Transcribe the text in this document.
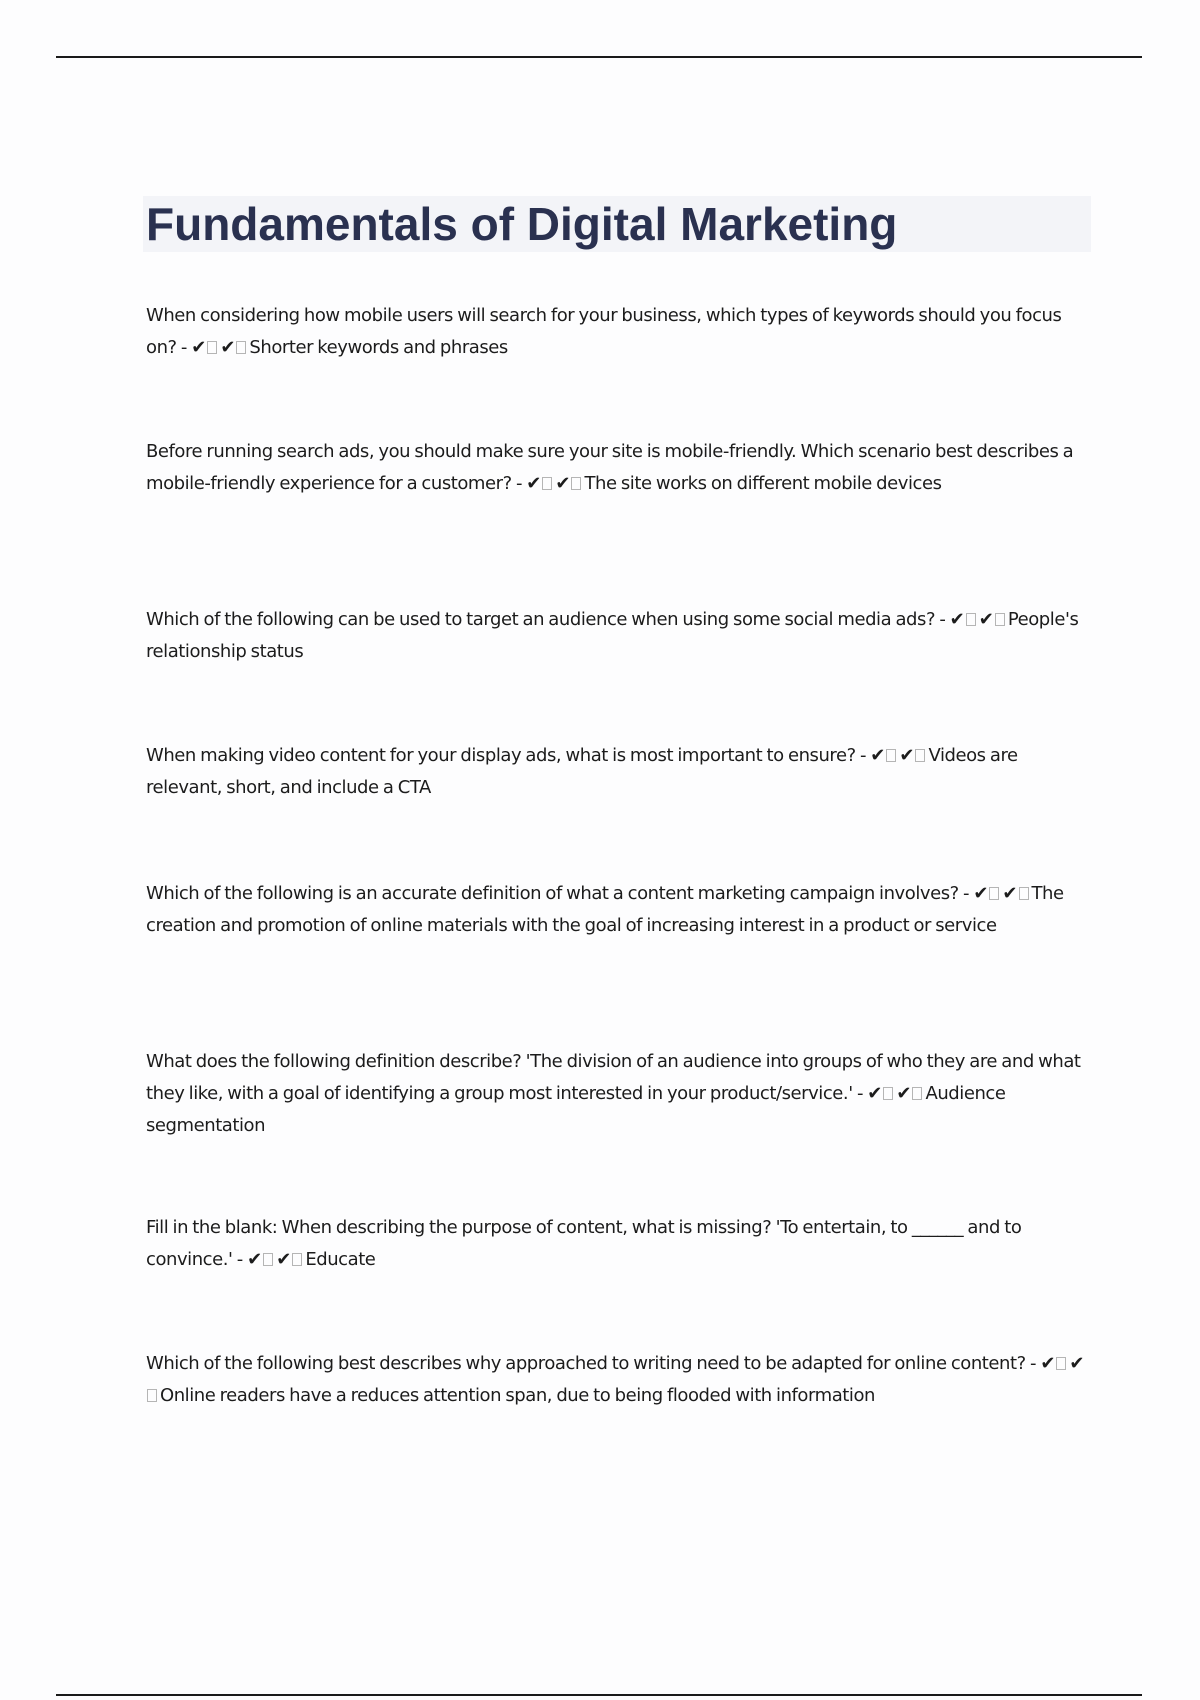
Fundamentals of Digital Marketing

When considering how mobile users will search for your business, which types of keywords should you focus on? - ✔ ✔ Shorter keywords and phrases

Before running search ads, you should make sure your site is mobile-friendly. Which scenario best describes a mobile-friendly experience for a customer? - ✔ ✔ The site works on different mobile devices

Which of the following can be used to target an audience when using some social media ads? - ✔ ✔ People's relationship status

When making video content for your display ads, what is most important to ensure? - ✔ ✔ Videos are relevant, short, and include a CTA

Which of the following is an accurate definition of what a content marketing campaign involves? - ✔ ✔ The creation and promotion of online materials with the goal of increasing interest in a product or service

What does the following definition describe? 'The division of an audience into groups of who they are and what they like, with a goal of identifying a group most interested in your product/service.' - ✔ ✔ Audience segmentation

Fill in the blank: When describing the purpose of content, what is missing? 'To entertain, to ______ and to convince.' - ✔ ✔ Educate

Which of the following best describes why approached to writing need to be adapted for online content? - ✔ ✔Online readers have a reduces attention span, due to being flooded with information
